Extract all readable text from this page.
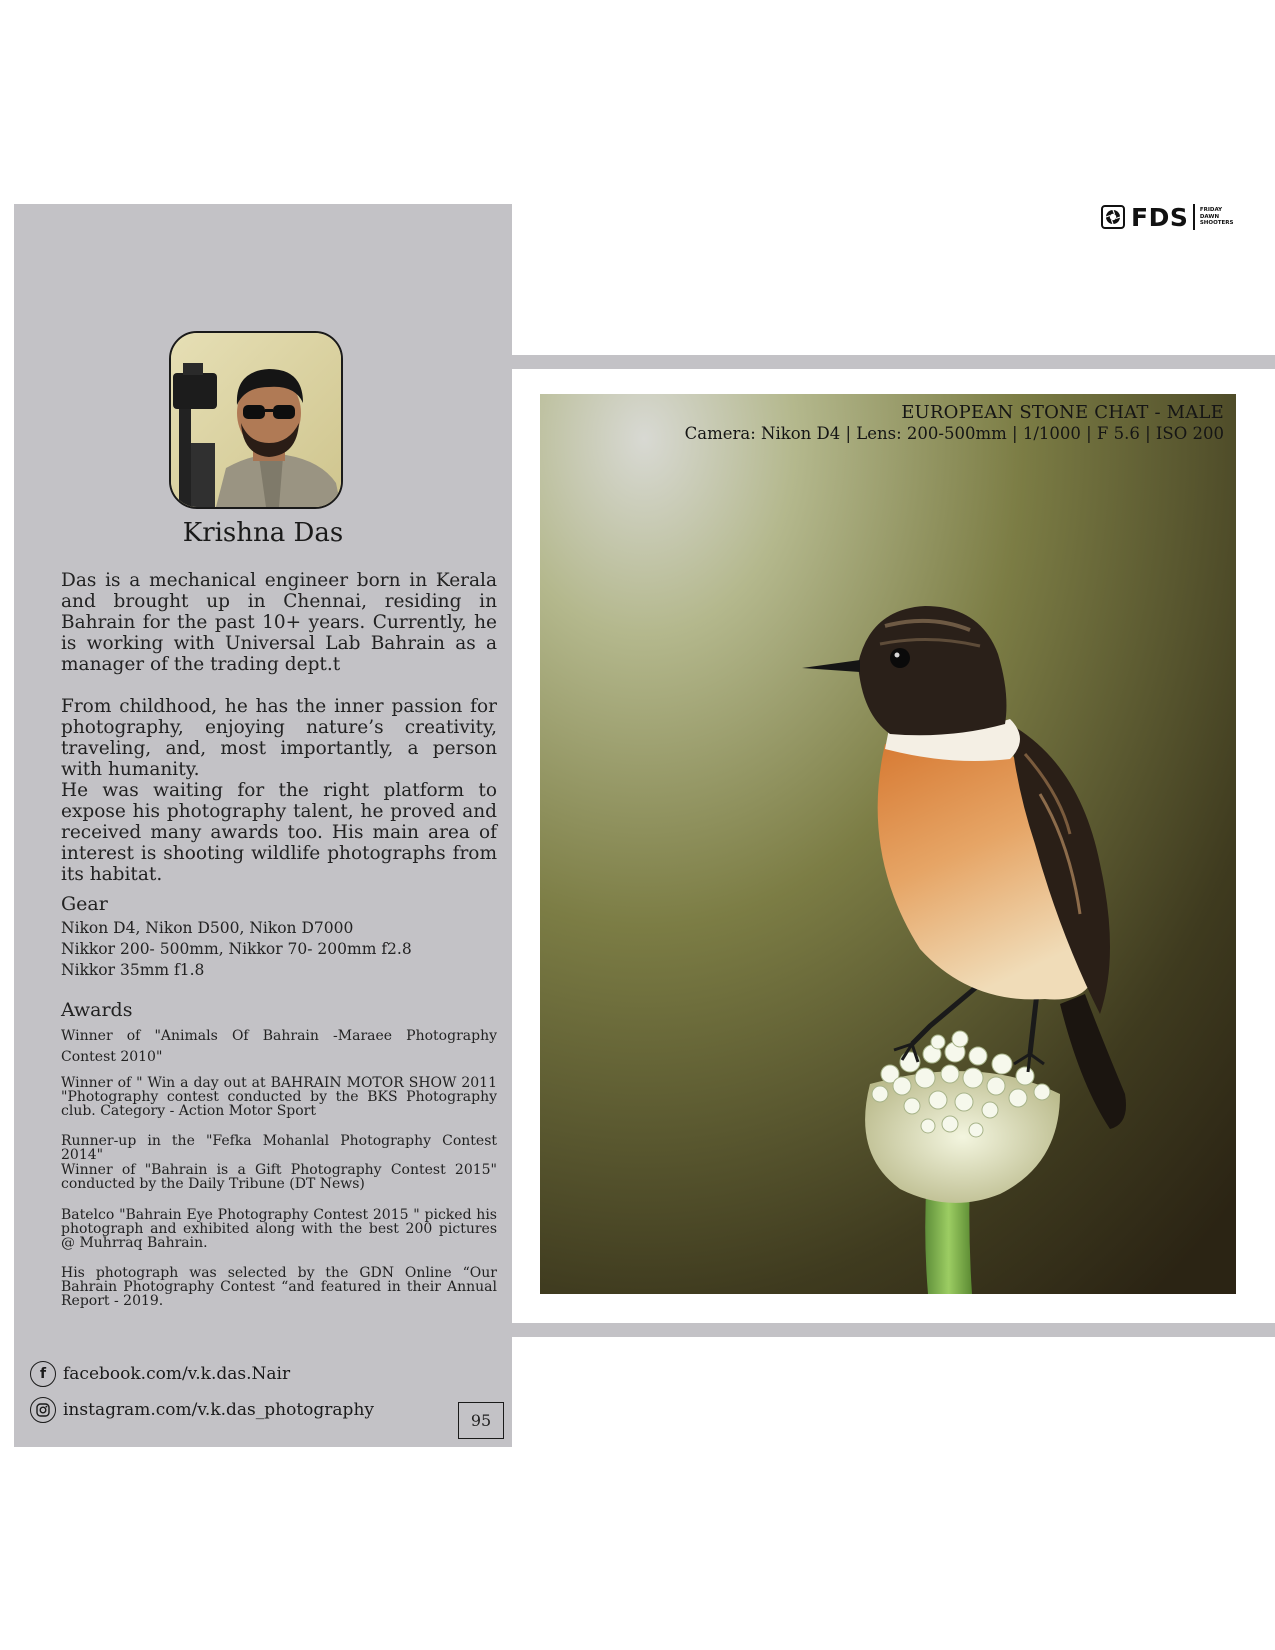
FDS FRIDAY
DAWN
SHOOTERS
Krishna Das

Das is a mechanical engineer born in Kerala and brought up in Chennai, residing in Bahrain for the past 10+ years. Currently, he is working with Universal Lab Bahrain as a manager of the trading dept.t

From childhood, he has the inner passion for photography, enjoying nature’s creativity, traveling, and, most importantly, a person with humanity.

He was waiting for the right platform to expose his photography talent, he proved and received many awards too. His main area of interest is shooting wildlife photographs from its habitat.

Gear
Nikon D4, Nikon D500, Nikon D7000
Nikkor 200- 500mm, Nikkor 70- 200mm f2.8
Nikkor 35mm f1.8
Awards

Winner of "Animals Of Bahrain -Maraee Photography Contest 2010"

Winner of " Win a day out at BAHRAIN MOTOR SHOW 2011 "Photography contest conducted by the BKS Photography club. Category - Action Motor Sport

Runner-up in the "Fefka Mohanlal Photography Contest 2014"

Winner of "Bahrain is a Gift Photography Contest 2015" conducted by the Daily Tribune (DT News)

Batelco "Bahrain Eye Photography Contest 2015 " picked his photograph and exhibited along with the best 200 pictures @ Muhrraq Bahrain.

His photograph was selected by the GDN Online “Our Bahrain Photography Contest “and featured in their Annual Report - 2019.

f facebook.com/v.k.das.Nair
instagram.com/v.k.das_photography
95
EUROPEAN STONE CHAT - MALE
Camera: Nikon D4 | Lens: 200-500mm | 1/1000 | F 5.6 | ISO 200
